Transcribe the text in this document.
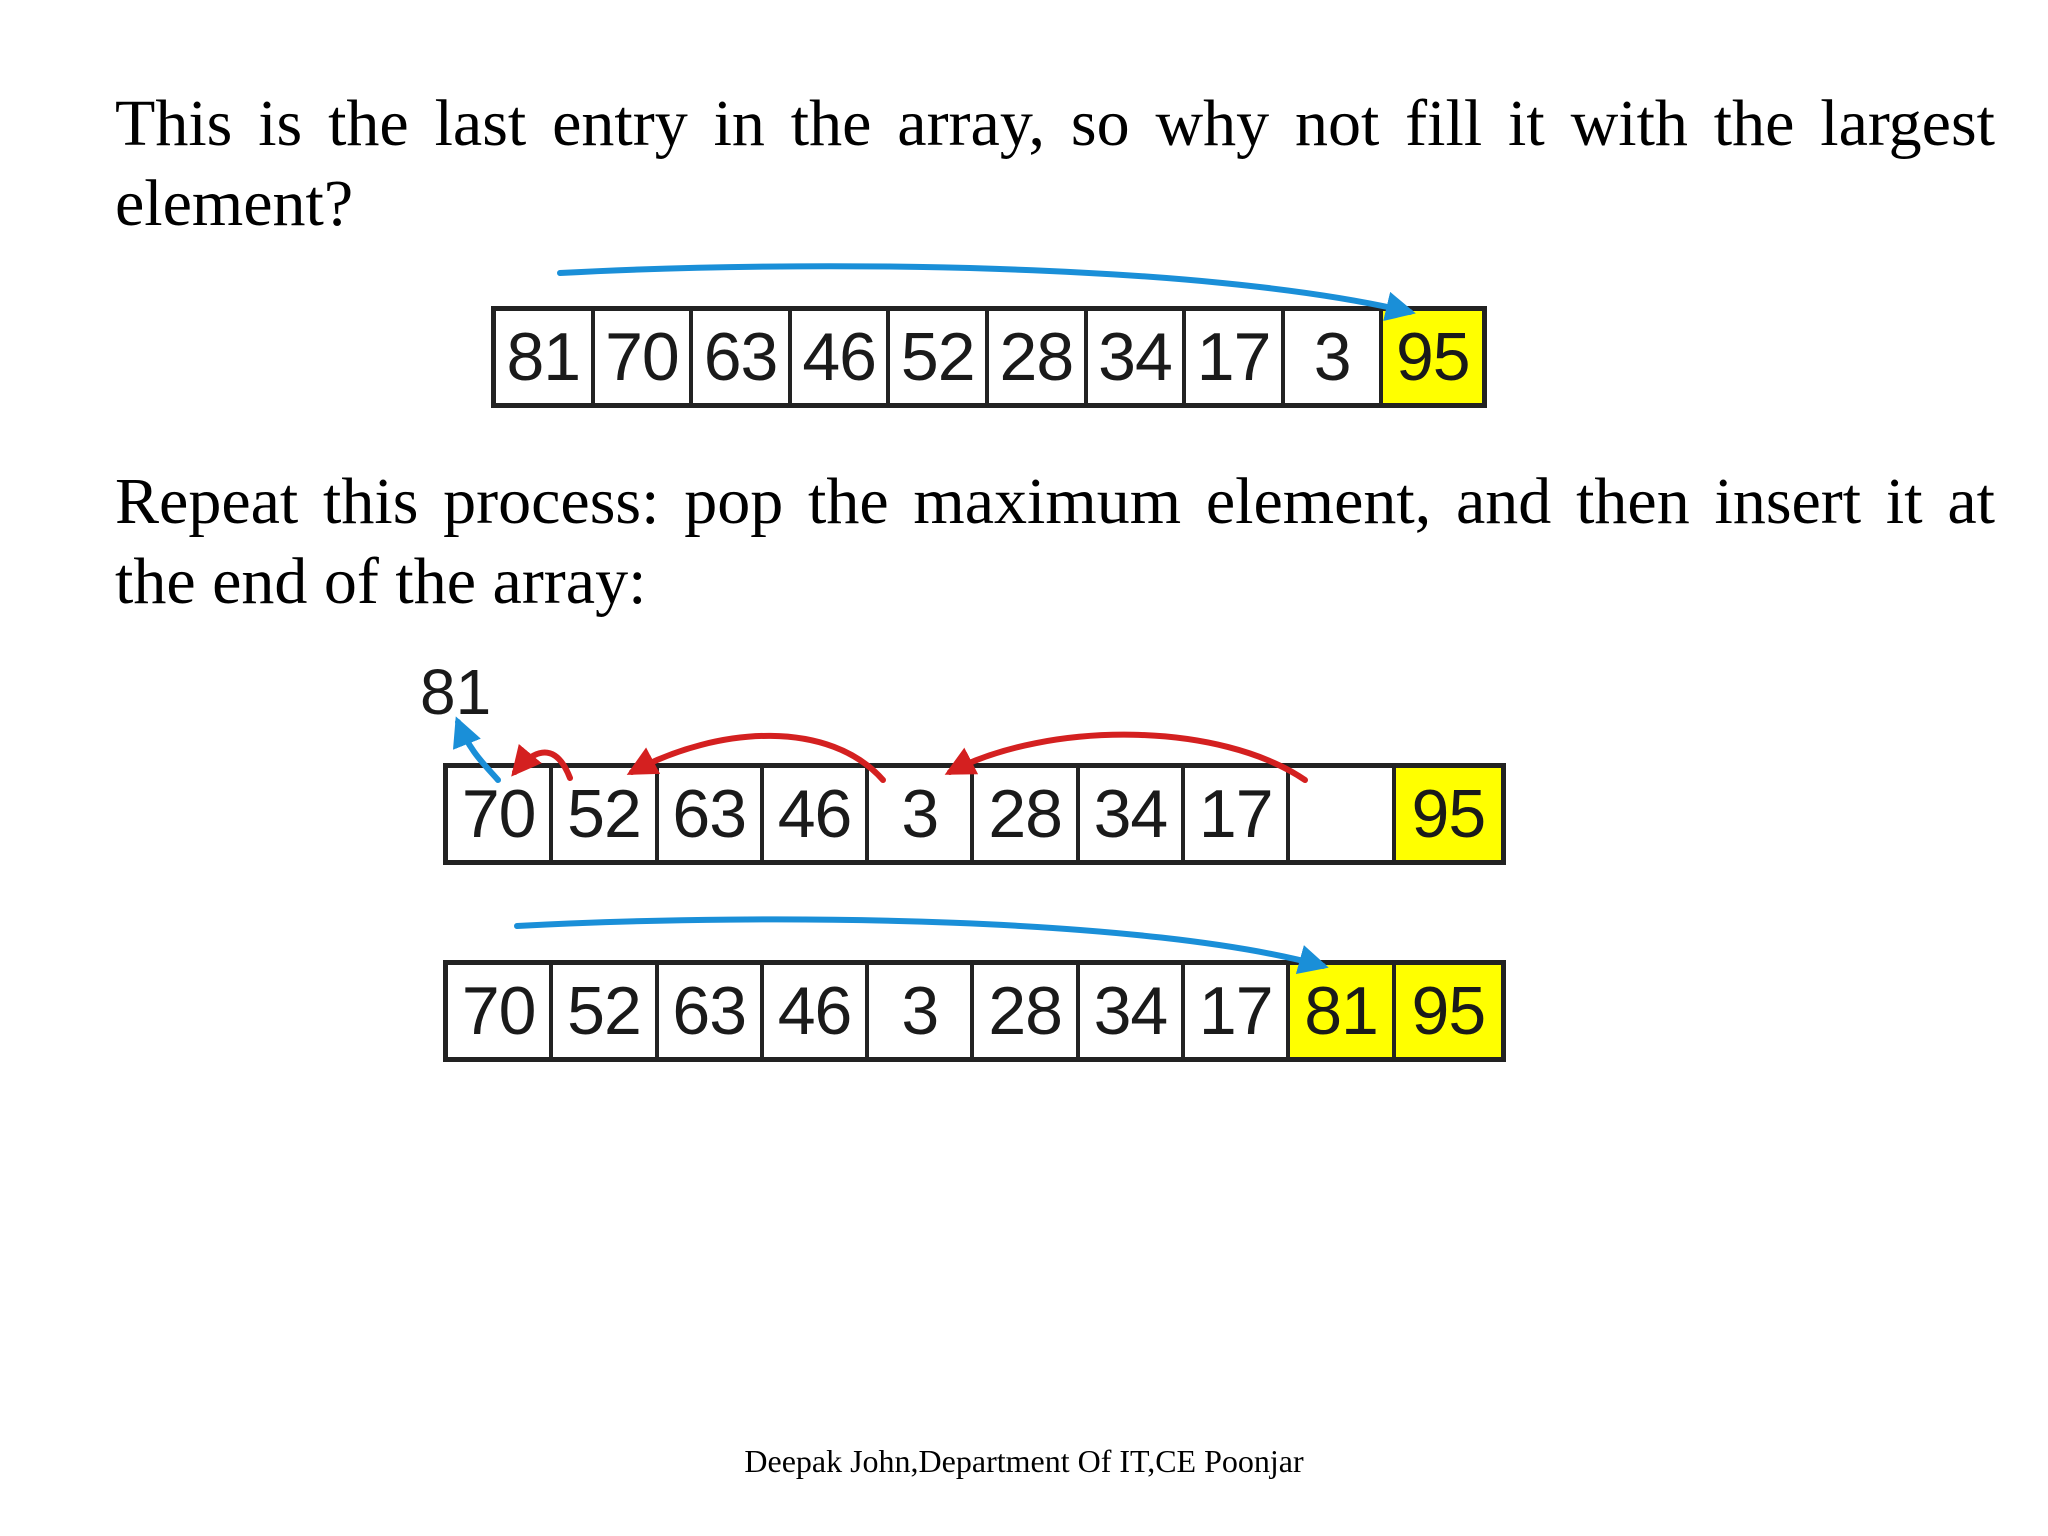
This is the last entry in the array, so why not fill it with the largest element?
81 70 63 46 52 28 34 17 3 95
Repeat this process: pop the maximum element, and then insert it at the end of the array:
81
70 52 63 46 3 28 34 17 95
70 52 63 46 3 28 34 17 81 95
Deepak John,Department Of IT,CE Poonjar
